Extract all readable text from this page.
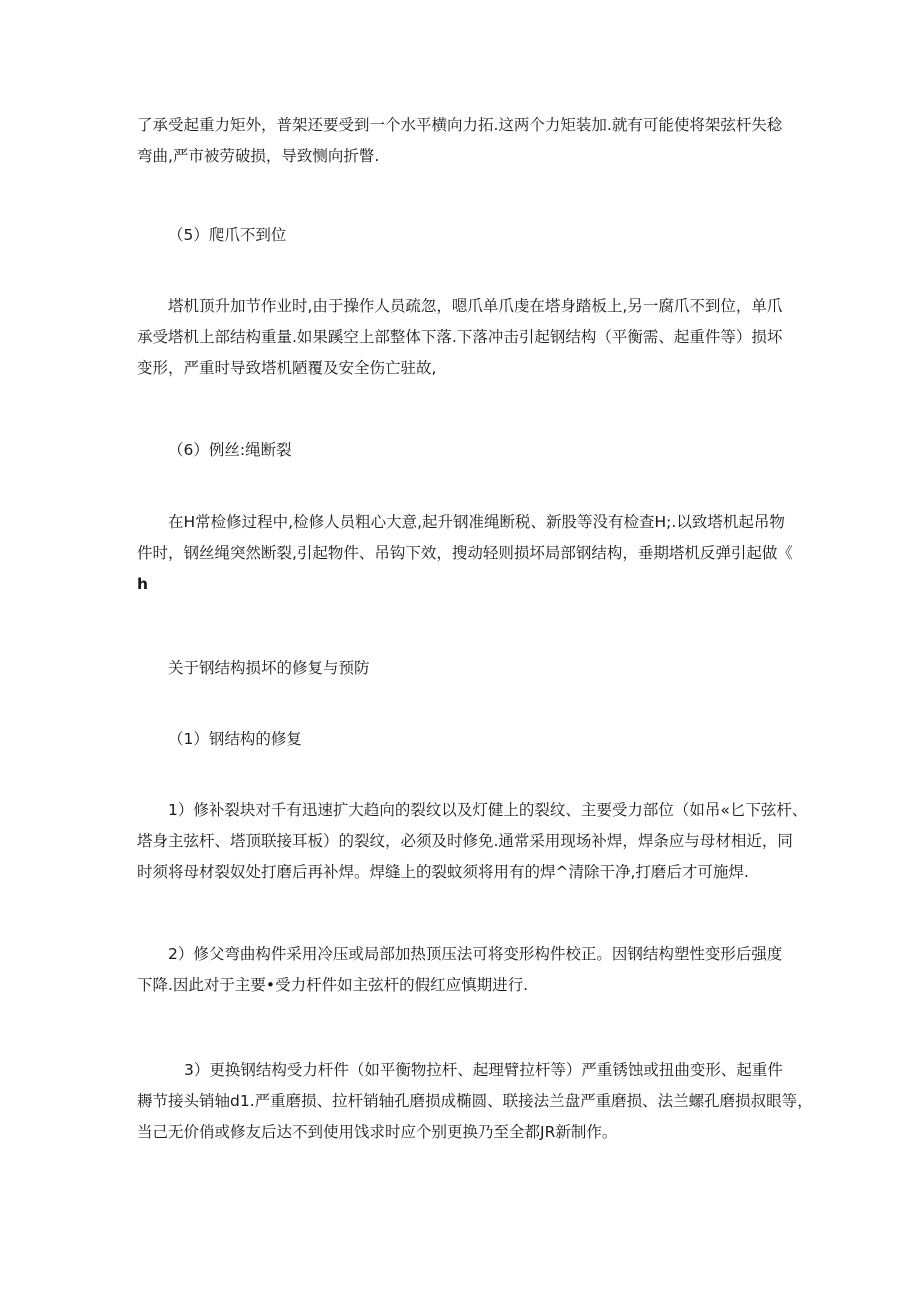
了承受起重力矩外，普架还要受到一个水平横向力拓.这两个力矩装加.就有可能使将架弦杆失稔
弯曲,严市被劳破损，导致恻向折瞥.
（5）爬爪不到位
塔机顶升加节作业时,由于操作人员疏忽，嗯爪单爪虔在塔身踏板上,另一腐爪不到位，单爪
承受塔机上部结构重量.如果蹊空上部整体下落.下落冲击引起钢结构（平衡需、起重件等）损坏
变形，严重时导致塔机陋覆及安全伤亡驻故,
（6）例丝:绳断裂
在H常检修过程中,检修人员粗心大意,起升钢准绳断税、新股等没有检查H;.以致塔机起吊物
件时，钢丝绳突然断裂,引起物件、吊钩下效，搜动轻则损坏局部钢结构，垂期塔机反弹引起做《
h
关于钢结构损坏的修复与预防
（1）钢结构的修复
1）修补裂块对千有迅速扩大趋向的裂纹以及灯健上的裂纹、主要受力部位（如吊«匕下弦杆、
塔身主弦杆、塔顶联接耳板）的裂纹，必须及时修免.通常采用现场补焊，焊条应与母材相近，同
时须将母材裂奴处打磨后再补焊。焊缝上的裂蚊须将用有的焊^清除干净,打磨后才可施焊.
2）修父弯曲构件采用冷压或局部加热顶压法可将变形构件校正。因钢结构塑性变形后强度
下降.因此对于主要•受力杆件如主弦杆的假红应慎期进行.
3）更换钢结构受力杆件（如平衡物拉杆、起理臂拉杆等）严重锈蚀或扭曲变形、起重件
耨节接头销轴d1.严重磨损、拉杆销轴孔磨损成椭圆、联接法兰盘严重磨损、法兰螺孔磨损叔眼等，
当己无价俏或修友后达不到使用饯求时应个别更换乃至全都JR新制作。
